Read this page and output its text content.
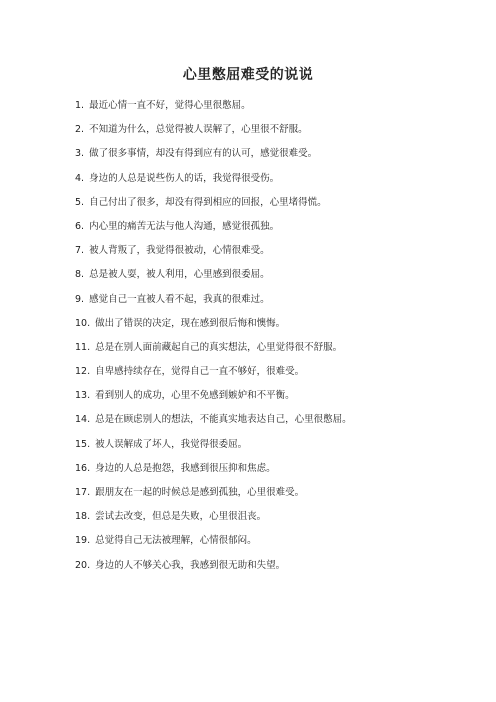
心里憋屈难受的说说
1. 最近心情一直不好，觉得心里很憋屈。
2. 不知道为什么，总觉得被人误解了，心里很不舒服。
3. 做了很多事情，却没有得到应有的认可，感觉很难受。
4. 身边的人总是说些伤人的话，我觉得很受伤。
5. 自己付出了很多，却没有得到相应的回报，心里堵得慌。
6. 内心里的痛苦无法与他人沟通，感觉很孤独。
7. 被人背叛了，我觉得很被动，心情很难受。
8. 总是被人耍，被人利用，心里感到很委屈。
9. 感觉自己一直被人看不起，我真的很难过。
10. 做出了错误的决定，现在感到很后悔和懊悔。
11. 总是在别人面前藏起自己的真实想法，心里觉得很不舒服。
12. 自卑感持续存在，觉得自己一直不够好，很难受。
13. 看到别人的成功，心里不免感到嫉妒和不平衡。
14. 总是在顾虑别人的想法，不能真实地表达自己，心里很憋屈。
15. 被人误解成了坏人，我觉得很委屈。
16. 身边的人总是抱怨，我感到很压抑和焦虑。
17. 跟朋友在一起的时候总是感到孤独，心里很难受。
18. 尝试去改变，但总是失败，心里很沮丧。
19. 总觉得自己无法被理解，心情很郁闷。
20. 身边的人不够关心我，我感到很无助和失望。
